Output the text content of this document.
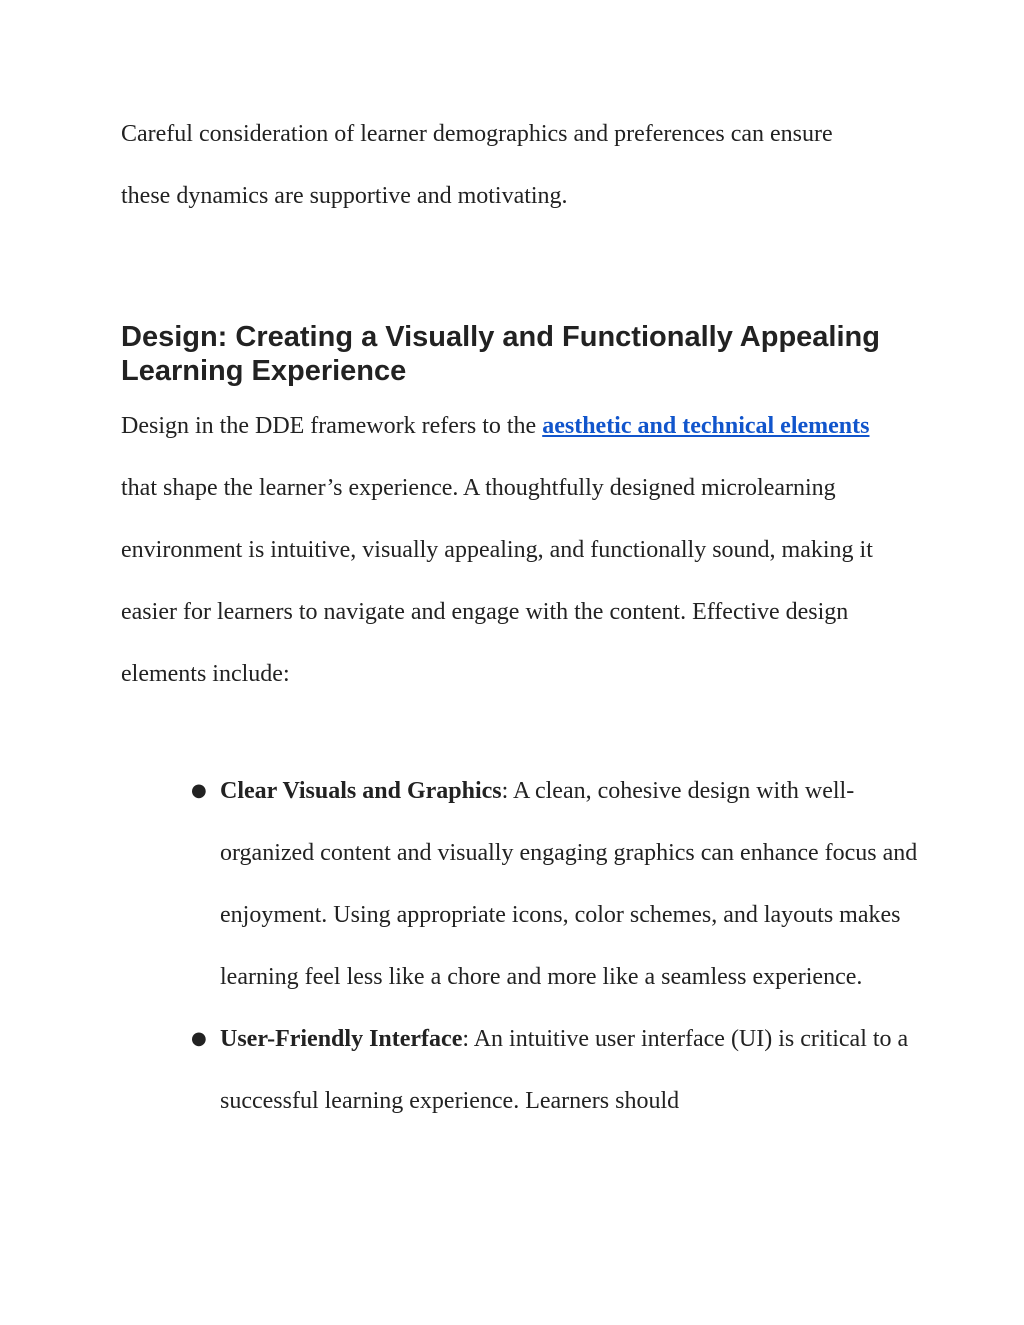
Careful consideration of learner demographics and preferences can ensure these dynamics are supportive and motivating.

Design: Creating a Visually and Functionally Appealing Learning Experience

Design in the DDE framework refers to the aesthetic and technical elements that shape the learner’s experience. A thoughtfully designed microlearning environment is intuitive, visually appealing, and functionally sound, making it easier for learners to navigate and engage with the content. Effective design elements include:

● Clear Visuals and Graphics: A clean, cohesive design with well-organized content and visually engaging graphics can enhance focus and enjoyment. Using appropriate icons, color schemes, and layouts makes learning feel less like a chore and more like a seamless experience.
● User-Friendly Interface: An intuitive user interface (UI) is critical to a successful learning experience. Learners should
